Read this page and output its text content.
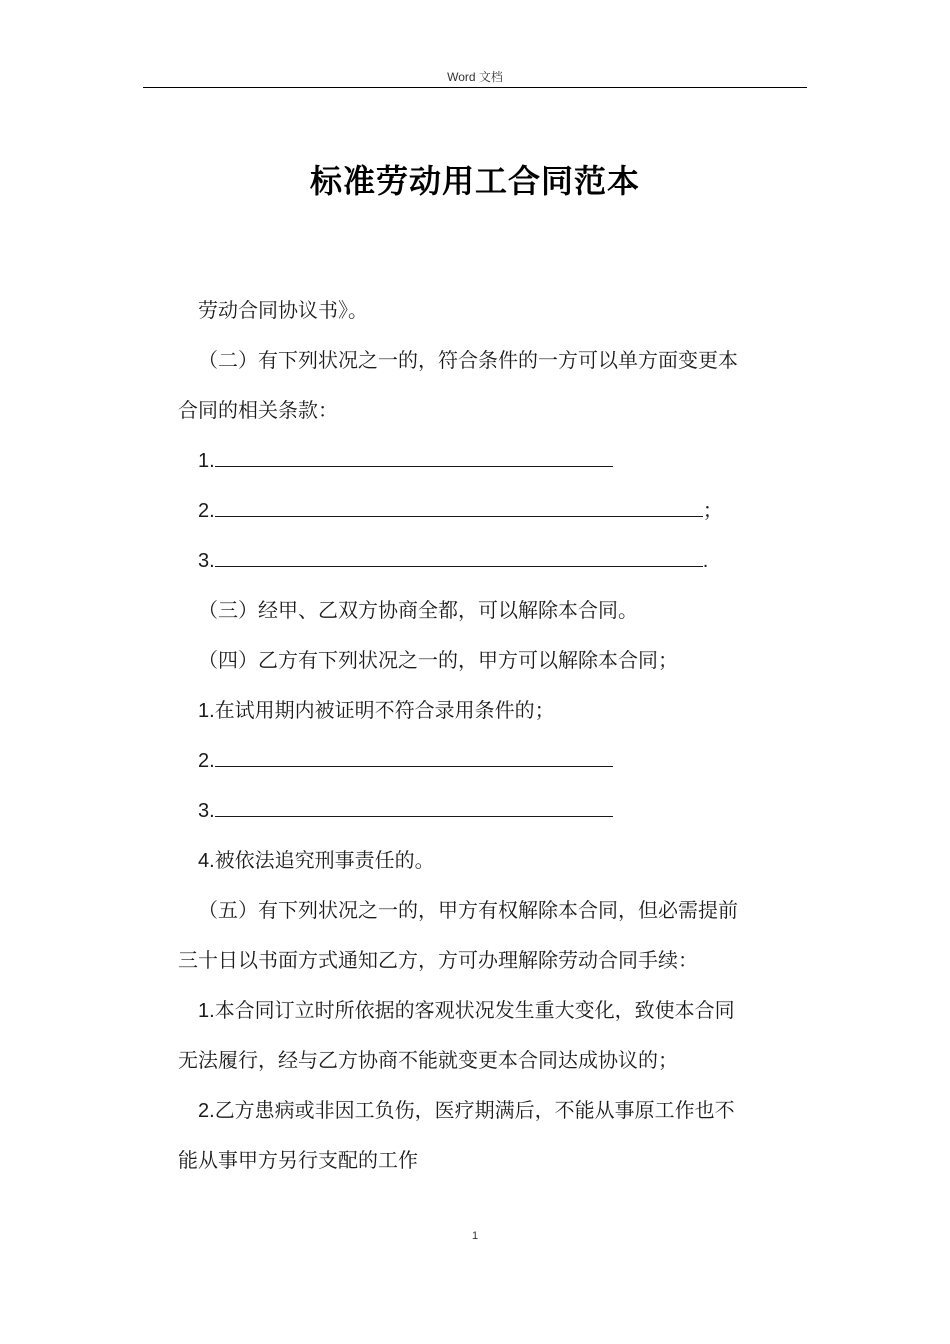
Word 文档
标准劳动用工合同范本
劳动合同协议书》。
（二）有下列状况之一的，符合条件的一方可以单方面变更本
合同的相关条款：
1.
2.	；
3.	.
（三）经甲、乙双方协商全都，可以解除本合同。
（四）乙方有下列状况之一的，甲方可以解除本合同；
1.在试用期内被证明不符合录用条件的；
2.
3.
4.被依法追究刑事责任的。
（五）有下列状况之一的，甲方有权解除本合同，但必需提前
三十日以书面方式通知乙方，方可办理解除劳动合同手续：
1.本合同订立时所依据的客观状况发生重大变化，致使本合同
无法履行，经与乙方协商不能就变更本合同达成协议的；
2.乙方患病或非因工负伤，医疗期满后，不能从事原工作也不
能从事甲方另行支配的工作
1
